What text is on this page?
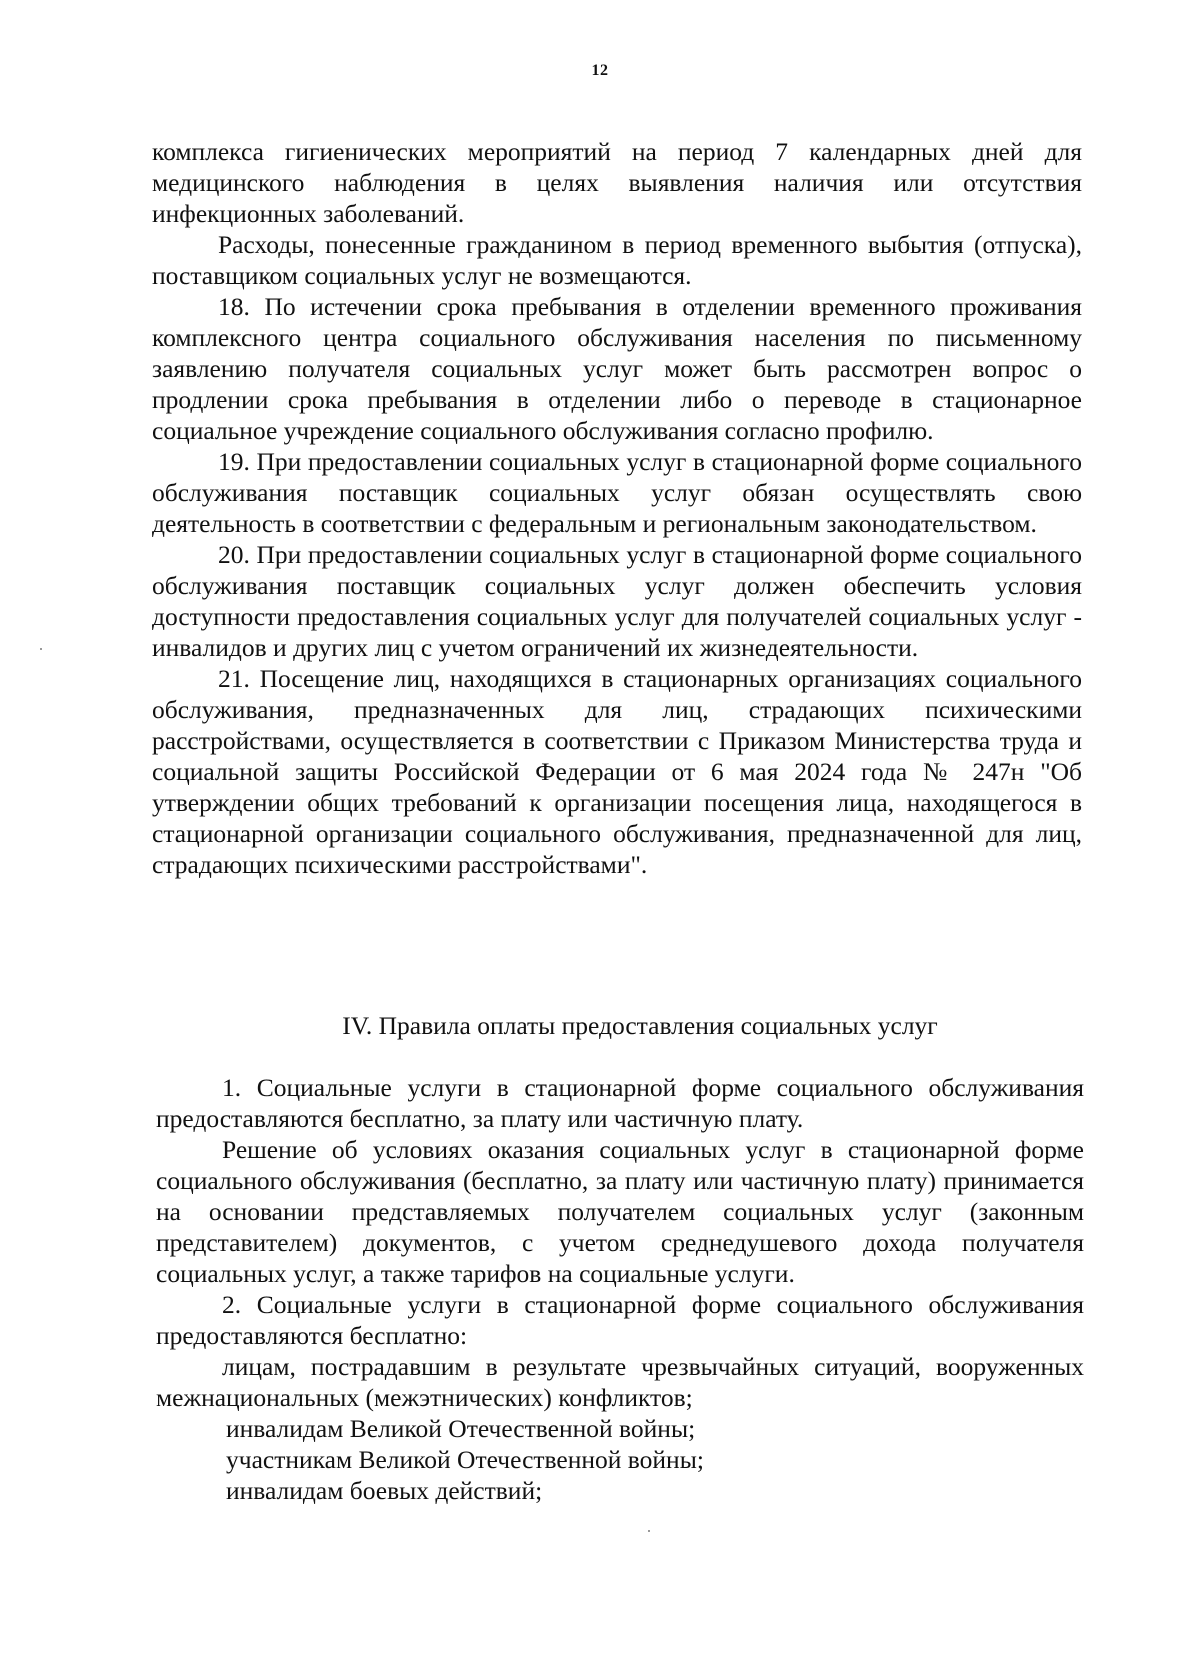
12

комплекса гигиенических мероприятий на период 7 календарных дней для медицинского наблюдения в целях выявления наличия или отсутствия инфекционных заболеваний.

Расходы, понесенные гражданином в период временного выбытия (отпуска), поставщиком социальных услуг не возмещаются.

18. По истечении срока пребывания в отделении временного проживания комплексного центра социального обслуживания населения по письменному заявлению получателя социальных услуг может быть рассмотрен вопрос о продлении срока пребывания в отделении либо о переводе в стационарное социальное учреждение социального обслуживания согласно профилю.

19. При предоставлении социальных услуг в стационарной форме социального обслуживания поставщик социальных услуг обязан осуществлять свою деятельность в соответствии с федеральным и региональным законодательством.

20. При предоставлении социальных услуг в стационарной форме социального обслуживания поставщик социальных услуг должен обеспечить условия доступности предоставления социальных услуг для получателей социальных услуг - инвалидов и других лиц с учетом ограничений их жизнедеятельности.

21. Посещение лиц, находящихся в стационарных организациях социального обслуживания, предназначенных для лиц, страдающих психическими расстройствами, осуществляется в соответствии с Приказом Министерства труда и социальной защиты Российской Федерации от 6 мая 2024 года № 247н "Об утверждении общих требований к организации посещения лица, находящегося в стационарной организации социального обслуживания, предназначенной для лиц, страдающих психическими расстройствами".

IV. Правила оплаты предоставления социальных услуг

1. Социальные услуги в стационарной форме социального обслуживания предоставляются бесплатно, за плату или частичную плату.

Решение об условиях оказания социальных услуг в стационарной форме социального обслуживания (бесплатно, за плату или частичную плату) принимается на основании представляемых получателем социальных услуг (законным представителем) документов, с учетом среднедушевого дохода получателя социальных услуг, а также тарифов на социальные услуги.

2. Социальные услуги в стационарной форме социального обслуживания предоставляются бесплатно:

лицам, пострадавшим в результате чрезвычайных ситуаций, вооруженных межнациональных (межэтнических) конфликтов;

инвалидам Великой Отечественной войны;

участникам Великой Отечественной войны;

инвалидам боевых действий;
